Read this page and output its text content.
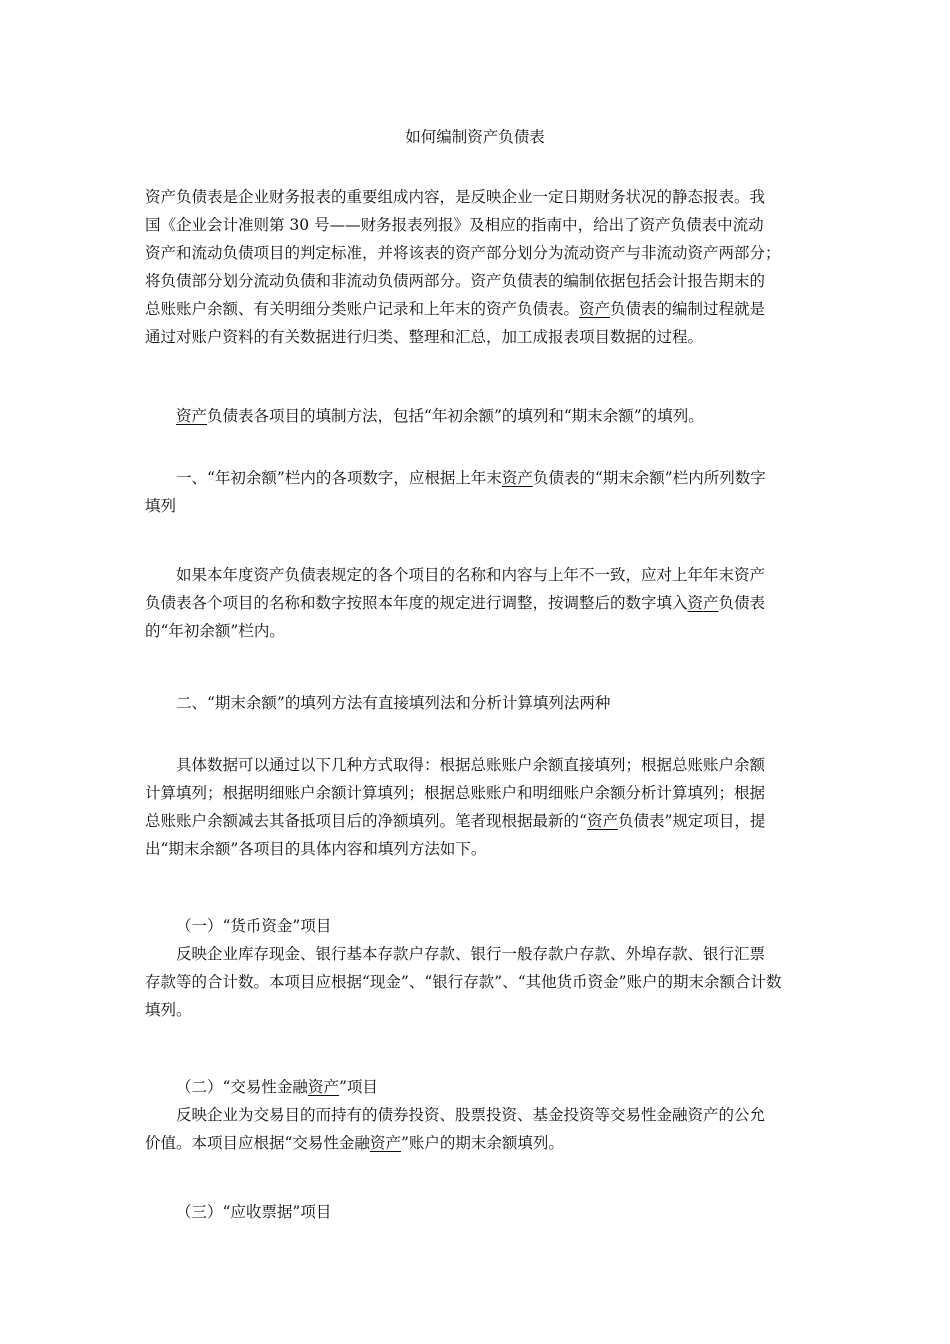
如何编制资产负债表
资产负债表是企业财务报表的重要组成内容，是反映企业一定日期财务状况的静态报表。我
国《企业会计准则第 30 号——财务报表列报》及相应的指南中，给出了资产负债表中流动
资产和流动负债项目的判定标准，并将该表的资产部分划分为流动资产与非流动资产两部分；
将负债部分划分流动负债和非流动负债两部分。资产负债表的编制依据包括会计报告期末的
总账账户余额、有关明细分类账户记录和上年末的资产负债表。资产负债表的编制过程就是
通过对账户资料的有关数据进行归类、整理和汇总，加工成报表项目数据的过程。
资产负债表各项目的填制方法，包括“年初余额”的填列和“期末余额”的填列。
一、“年初余额”栏内的各项数字，应根据上年末资产负债表的“期末余额”栏内所列数字
填列
如果本年度资产负债表规定的各个项目的名称和内容与上年不一致，应对上年年末资产
负债表各个项目的名称和数字按照本年度的规定进行调整，按调整后的数字填入资产负债表
的“年初余额”栏内。
二、“期末余额”的填列方法有直接填列法和分析计算填列法两种
具体数据可以通过以下几种方式取得：根据总账账户余额直接填列；根据总账账户余额
计算填列；根据明细账户余额计算填列；根据总账账户和明细账户余额分析计算填列；根据
总账账户余额减去其备抵项目后的净额填列。笔者现根据最新的“资产负债表”规定项目，提
出“期末余额”各项目的具体内容和填列方法如下。
（一）“货币资金”项目
反映企业库存现金、银行基本存款户存款、银行一般存款户存款、外埠存款、银行汇票
存款等的合计数。本项目应根据“现金”、“银行存款”、“其他货币资金”账户的期末余额合计数
填列。
（二）“交易性金融资产”项目
反映企业为交易目的而持有的债券投资、股票投资、基金投资等交易性金融资产的公允
价值。本项目应根据“交易性金融资产”账户的期末余额填列。
（三）“应收票据”项目
